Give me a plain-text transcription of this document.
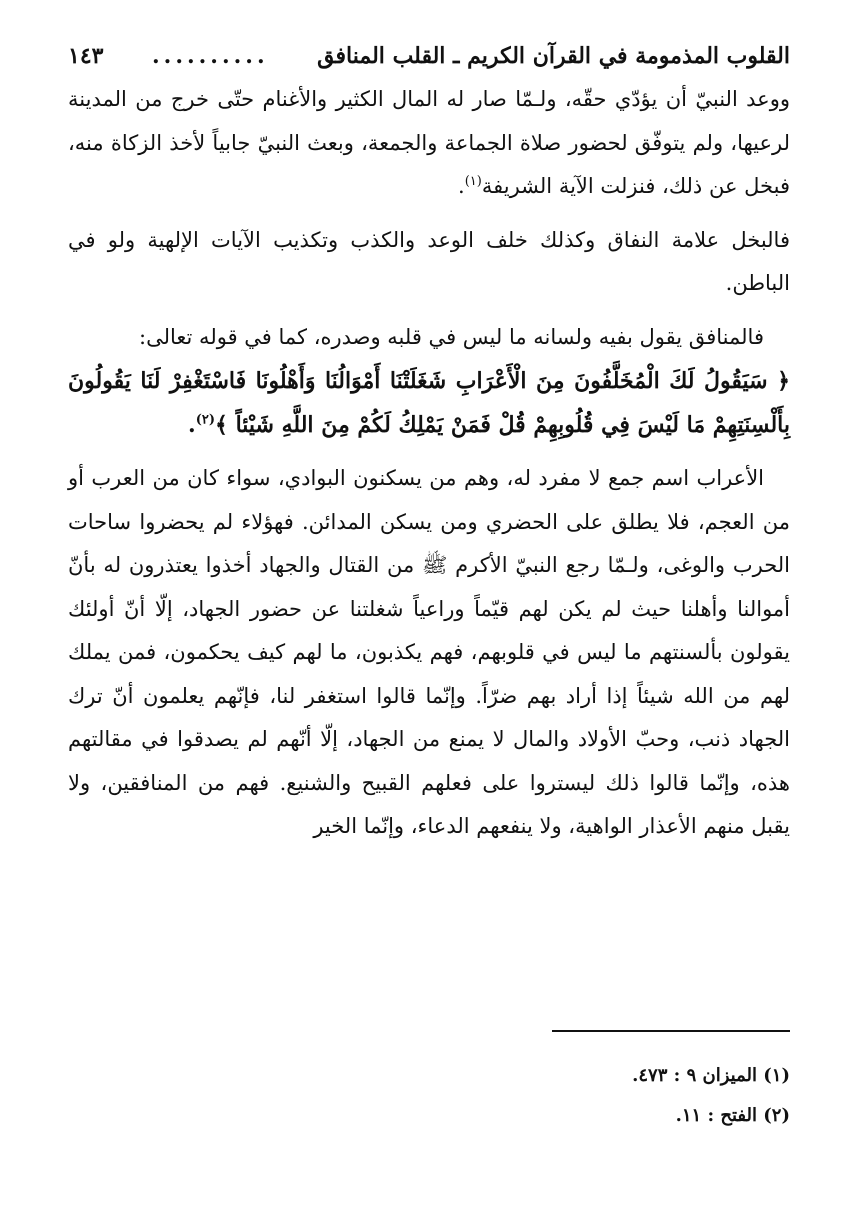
القلوب المذمومة في القرآن الكريم ـ القلب المنافق
..........
١٤٣

ووعد النبيّ أن يؤدّي حقّه، ولـمّا صار له المال الكثير والأغنام حتّى خرج من المدينة لرعيها، ولم يتوفّق لحضور صلاة الجماعة والجمعة، وبعث النبيّ جابياً لأخذ الزكاة منه، فبخل عن ذلك، فنزلت الآية الشريفة$^{(١)}$.

فالبخل علامة النفاق وكذلك خلف الوعد والكذب وتكذيب الآيات الإلهية ولو في الباطن.

فالمنافق يقول بفيه ولسانه ما ليس في قلبه وصدره، كما في قوله تعالى:

﴿ سَيَقُولُ لَكَ الْمُخَلَّفُونَ مِنَ الْأَعْرَابِ شَغَلَتْنَا أَمْوَالُنَا وَأَهْلُونَا فَاسْتَغْفِرْ لَنَا يَقُولُونَ بِأَلْسِنَتِهِمْ مَا لَيْسَ فِي قُلُوبِهِمْ قُلْ فَمَنْ يَمْلِكُ لَكُمْ مِنَ اللَّهِ شَيْئاً ﴾$^{(٢)}$.

الأعراب اسم جمع لا مفرد له، وهم من يسكنون البوادي، سواء كان من العرب أو من العجم، فلا يطلق على الحضري ومن يسكن المدائن. فهؤلاء لم يحضروا ساحات الحرب والوغى، ولـمّا رجع النبيّ الأكرم ﷺ من القتال والجهاد أخذوا يعتذرون له بأنّ أموالنا وأهلنا حيث لم يكن لهم قيّماً وراعياً شغلتنا عن حضور الجهاد، إلّا أنّ أولئك يقولون بألسنتهم ما ليس في قلوبهم، فهم يكذبون، ما لهم كيف يحكمون، فمن يملك لهم من الله شيئاً إذا أراد بهم ضرّاً. وإنّما قالوا استغفر لنا، فإنّهم يعلمون أنّ ترك الجهاد ذنب، وحبّ الأولاد والمال لا يمنع من الجهاد، إلّا أنّهم لم يصدقوا في مقالتهم هذه، وإنّما قالوا ذلك ليستروا على فعلهم القبيح والشنيع. فهم من المنافقين، ولا يقبل منهم الأعذار الواهية، ولا ينفعهم الدعاء، وإنّما الخير

(١) الميزان ٩ : ٤٧٣.
(٢) الفتح : ١١.
